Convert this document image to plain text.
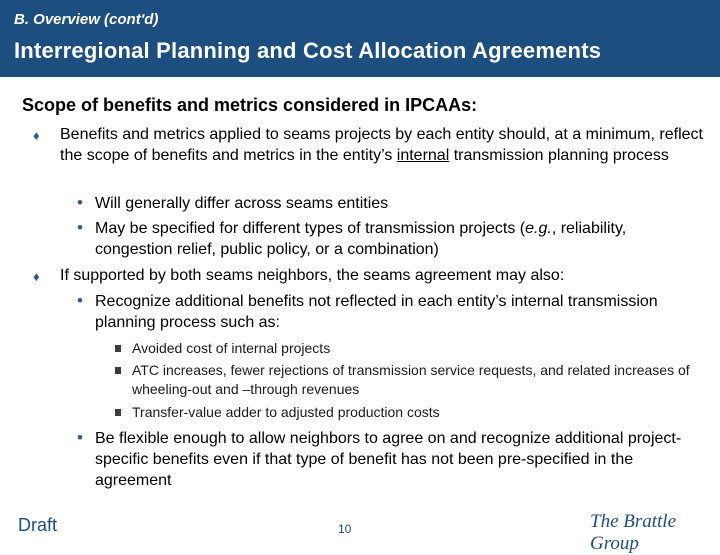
B. Overview (cont'd)
Interregional Planning and Cost Allocation Agreements
Scope of benefits and metrics considered in IPCAAs:
♦ Benefits and metrics applied to seams projects by each entity should, at a minimum, reflect the scope of benefits and metrics in the entity’s internal transmission planning process
• Will generally differ across seams entities
• May be specified for different types of transmission projects (e.g., reliability, congestion relief, public policy, or a combination)
♦ If supported by both seams neighbors, the seams agreement may also:
• Recognize additional benefits not reflected in each entity’s internal transmission planning process such as:
Avoided cost of internal projects
ATC increases, fewer rejections of transmission service requests, and related increases of wheeling-out and –through revenues
Transfer-value adder to adjusted production costs
• Be flexible enough to allow neighbors to agree on and recognize additional project-specific benefits even if that type of benefit has not been pre-specified in the agreement
Draft	10	The Brattle Group
